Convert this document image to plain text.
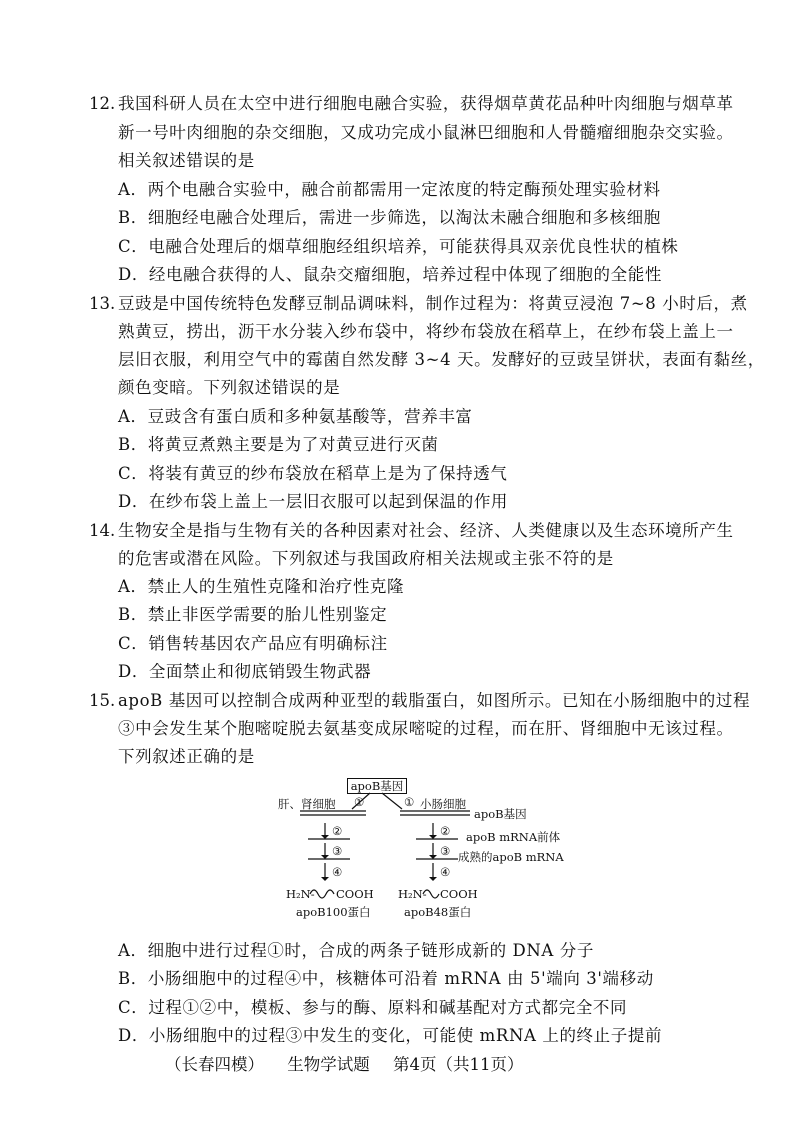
12. 我国科研人员在太空中进行细胞电融合实验，获得烟草黄花品种叶肉细胞与烟草革
新一号叶肉细胞的杂交细胞，又成功完成小鼠淋巴细胞和人骨髓瘤细胞杂交实验。
相关叙述错误的是
A．两个电融合实验中，融合前都需用一定浓度的特定酶预处理实验材料
B．细胞经电融合处理后，需进一步筛选，以淘汰未融合细胞和多核细胞
C．电融合处理后的烟草细胞经组织培养，可能获得具双亲优良性状的植株
D．经电融合获得的人、鼠杂交瘤细胞，培养过程中体现了细胞的全能性
13. 豆豉是中国传统特色发酵豆制品调味料，制作过程为：将黄豆浸泡 7~8 小时后，煮
熟黄豆，捞出，沥干水分装入纱布袋中，将纱布袋放在稻草上，在纱布袋上盖上一
层旧衣服，利用空气中的霉菌自然发酵 3~4 天。发酵好的豆豉呈饼状，表面有黏丝，
颜色变暗。下列叙述错误的是
A．豆豉含有蛋白质和多种氨基酸等，营养丰富
B．将黄豆煮熟主要是为了对黄豆进行灭菌
C．将装有黄豆的纱布袋放在稻草上是为了保持透气
D．在纱布袋上盖上一层旧衣服可以起到保温的作用
14. 生物安全是指与生物有关的各种因素对社会、经济、人类健康以及生态环境所产生
的危害或潜在风险。下列叙述与我国政府相关法规或主张不符的是
A．禁止人的生殖性克隆和治疗性克隆
B．禁止非医学需要的胎儿性别鉴定
C．销售转基因农产品应有明确标注
D．全面禁止和彻底销毁生物武器
15. apoB 基因可以控制合成两种亚型的载脂蛋白，如图所示。已知在小肠细胞中的过程
③中会发生某个胞嘧啶脱去氨基变成尿嘧啶的过程，而在肝、肾细胞中无该过程。
下列叙述正确的是
apoB基因
肝、肾细胞 ①	① 小肠细胞
apoB基因
②
③
④
② apoB mRNA前体
③ 成熟的apoB mRNA
④
H₂N- COOH H₂N- COOH
apoB100蛋白	apoB48蛋白
A．细胞中进行过程①时，合成的两条子链形成新的 DNA 分子
B．小肠细胞中的过程④中，核糖体可沿着 mRNA 由 5'端向 3'端移动
C．过程①②中，模板、参与的酶、原料和碱基配对方式都完全不同
D．小肠细胞中的过程③中发生的变化，可能使 mRNA 上的终止子提前
（长春四模） 生物学试题 第4页（共11页）
